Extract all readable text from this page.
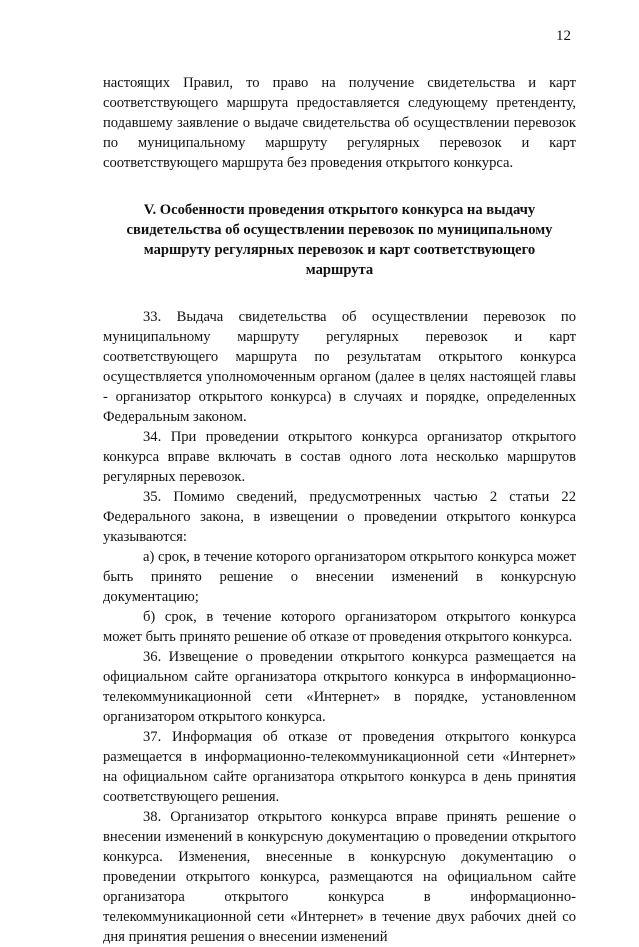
12

настоящих Правил, то право на получение свидетельства и карт соответствующего маршрута предоставляется следующему претенденту, подавшему заявление о выдаче свидетельства об осуществлении перевозок по муниципальному маршруту регулярных перевозок и карт соответствующего маршрута без проведения открытого конкурса.

V. Особенности проведения открытого конкурса на выдачу
свидетельства об осуществлении перевозок по муниципальному
маршруту регулярных перевозок и карт соответствующего
маршрута

33. Выдача свидетельства об осуществлении перевозок по муниципальному маршруту регулярных перевозок и карт соответствующего маршрута по результатам открытого конкурса осуществляется уполномоченным органом (далее в целях настоящей главы - организатор открытого конкурса) в случаях и порядке, определенных Федеральным законом.

34. При проведении открытого конкурса организатор открытого конкурса вправе включать в состав одного лота несколько маршрутов регулярных перевозок.

35. Помимо сведений, предусмотренных частью 2 статьи 22 Федерального закона, в извещении о проведении открытого конкурса указываются:

а) срок, в течение которого организатором открытого конкурса может быть принято решение о внесении изменений в конкурсную документацию;

б) срок, в течение которого организатором открытого конкурса может быть принято решение об отказе от проведения открытого конкурса.

36. Извещение о проведении открытого конкурса размещается на официальном сайте организатора открытого конкурса в информационно-телекоммуникационной сети «Интернет» в порядке, установленном организатором открытого конкурса.

37. Информация об отказе от проведения открытого конкурса размещается в информационно-телекоммуникационной сети «Интернет» на официальном сайте организатора открытого конкурса в день принятия соответствующего решения.

38. Организатор открытого конкурса вправе принять решение о внесении изменений в конкурсную документацию о проведении открытого конкурса. Изменения, внесенные в конкурсную документацию о проведении открытого конкурса, размещаются на официальном сайте организатора открытого конкурса в информационно-телекоммуникационной сети «Интернет» в течение двух рабочих дней со дня принятия решения о внесении изменений
